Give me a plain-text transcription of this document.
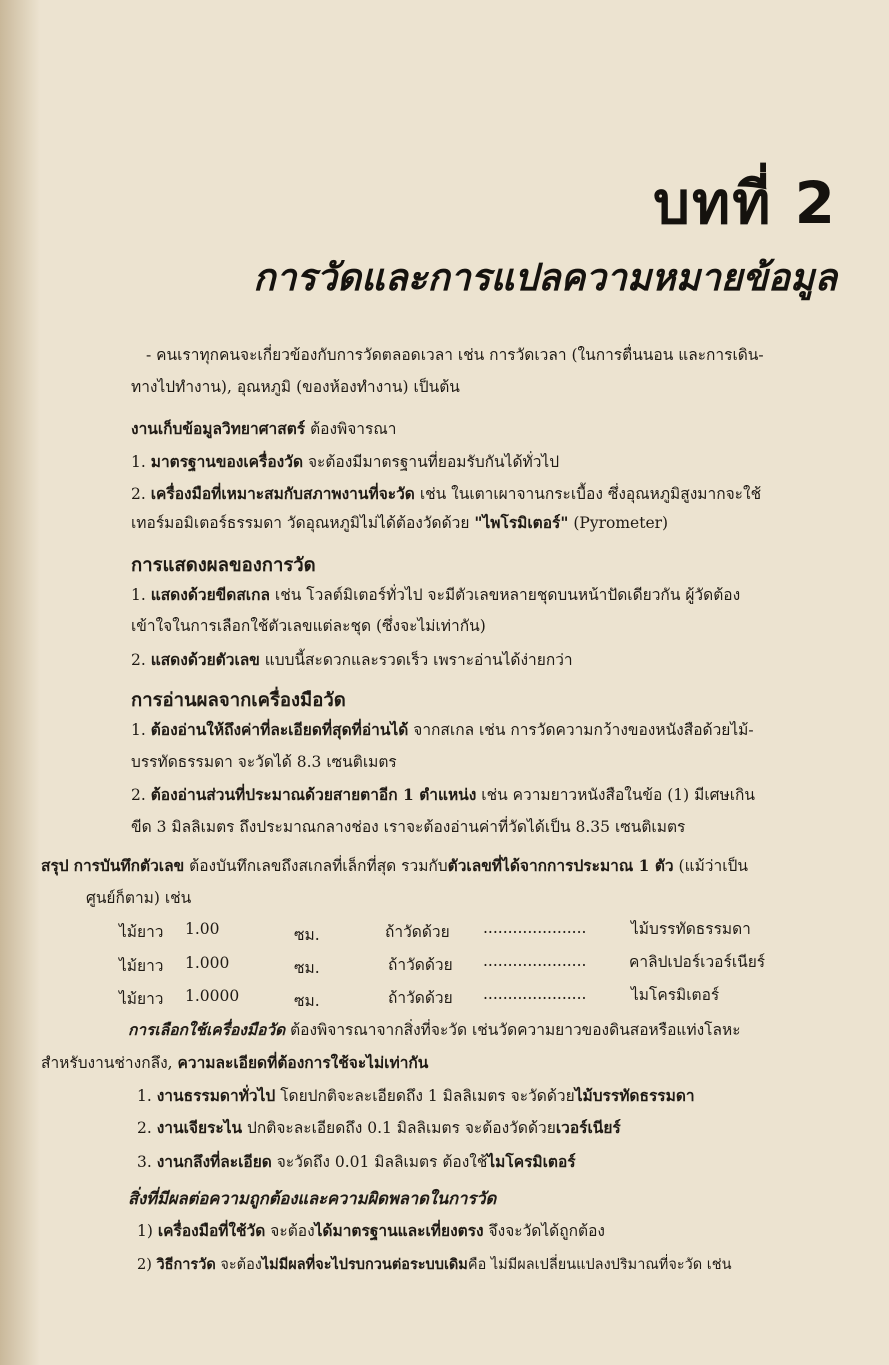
บทที่ 2
การวัดและการแปลความหมายข้อมูล
- คนเราทุกคนจะเกี่ยวข้องกับการวัดตลอดเวลา เช่น การวัดเวลา (ในการตื่นนอน และการเดิน-
ทางไปทำงาน), อุณหภูมิ (ของห้องทำงาน) เป็นต้น
งานเก็บข้อมูลวิทยาศาสตร์ ต้องพิจารณา
1. มาตรฐานของเครื่องวัด จะต้องมีมาตรฐานที่ยอมรับกันได้ทั่วไป
2. เครื่องมือที่เหมาะสมกับสภาพงานที่จะวัด เช่น ในเตาเผาจานกระเบื้อง ซึ่งอุณหภูมิสูงมากจะใช้
เทอร์มอมิเตอร์ธรรมดา วัดอุณหภูมิไม่ได้ต้องวัดด้วย "ไพโรมิเตอร์" (Pyrometer)
การแสดงผลของการวัด
1. แสดงด้วยขีดสเกล เช่น โวลต์มิเตอร์ทั่วไป จะมีตัวเลขหลายชุดบนหน้าปัดเดียวกัน ผู้วัดต้อง
เข้าใจในการเลือกใช้ตัวเลขแต่ละชุด (ซึ่งจะไม่เท่ากัน)
2. แสดงด้วยตัวเลข แบบนี้สะดวกและรวดเร็ว เพราะอ่านได้ง่ายกว่า
การอ่านผลจากเครื่องมือวัด
1. ต้องอ่านให้ถึงค่าที่ละเอียดที่สุดที่อ่านได้ จากสเกล เช่น การวัดความกว้างของหนังสือด้วยไม้-
บรรทัดธรรมดา จะวัดได้ 8.3 เซนติเมตร
2. ต้องอ่านส่วนที่ประมาณด้วยสายตาอีก 1 ตำแหน่ง เช่น ความยาวหนังสือในข้อ (1) มีเศษเกิน
ขีด 3 มิลลิเมตร ถึงประมาณกลางช่อง เราจะต้องอ่านค่าที่วัดได้เป็น 8.35 เซนติเมตร
สรุป การบันทึกตัวเลข ต้องบันทึกเลขถึงสเกลที่เล็กที่สุด รวมกับตัวเลขที่ได้จากการประมาณ 1 ตัว (แม้ว่าเป็น
ศูนย์ก็ตาม) เช่น
ไม้ยาว 1.00	ซม.	ถ้าวัดด้วย .....................	ไม้บรรทัดธรรมดา
ไม้ยาว 1.000	ซม.	ถ้าวัดด้วย .....................	คาลิปเปอร์เวอร์เนียร์
ไม้ยาว 1.0000	ซม.	ถ้าวัดด้วย .....................	ไมโครมิเตอร์
การเลือกใช้เครื่องมือวัด ต้องพิจารณาจากสิ่งที่จะวัด เช่นวัดความยาวของดินสอหรือแท่งโลหะ
สำหรับงานช่างกลึง, ความละเอียดที่ต้องการใช้จะไม่เท่ากัน
1. งานธรรมดาทั่วไป โดยปกติจะละเอียดถึง 1 มิลลิเมตร จะวัดด้วยไม้บรรทัดธรรมดา
2. งานเจียระไน ปกติจะละเอียดถึง 0.1 มิลลิเมตร จะต้องวัดด้วยเวอร์เนียร์
3. งานกลึงที่ละเอียด จะวัดถึง 0.01 มิลลิเมตร ต้องใช้ไมโครมิเตอร์
สิ่งที่มีผลต่อความถูกต้องและความผิดพลาดในการวัด
1) เครื่องมือที่ใช้วัด จะต้องได้มาตรฐานและเที่ยงตรง จึงจะวัดได้ถูกต้อง
2) วิธีการวัด จะต้องไม่มีผลที่จะไปรบกวนต่อระบบเดิมคือ ไม่มีผลเปลี่ยนแปลงปริมาณที่จะวัด เช่น
